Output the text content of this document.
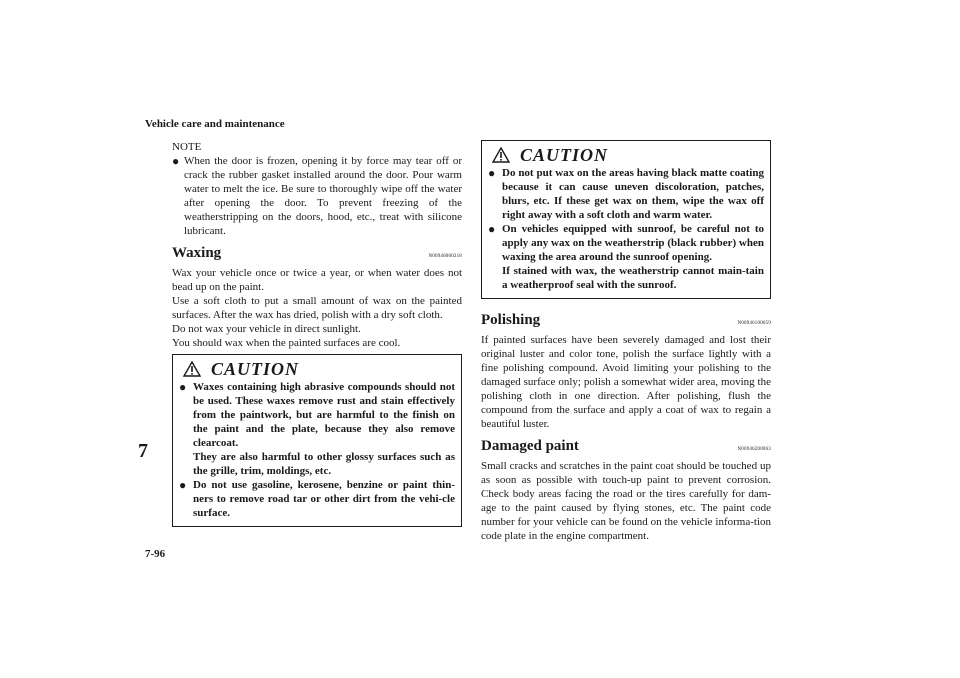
Vehicle care and maintenance
7
7-96

NOTE

● When the door is frozen, opening it by force may tear off or crack the rubber gasket installed around the door. Pour warm water to melt the ice. Be sure to thoroughly wipe off the water after opening the door. To prevent freezing of the weatherstripping on the doors, hood, etc., treat with silicone lubricant.
Waxing	N00946000218

Wax your vehicle once or twice a year, or when water does not bead up on the paint.

Use a soft cloth to put a small amount of wax on the painted surfaces. After the wax has dried, polish with a dry soft cloth.

Do not wax your vehicle in direct sunlight.

You should wax when the painted surfaces are cool.

CAUTION
● Waxes containing high abrasive compounds should not be used. These waxes remove rust and stain effectively from the paintwork, but are harmful to the finish on the paint and the plate, because they also remove clearcoat.
They are also harmful to other glossy surfaces such as the grille, trim, moldings, etc.
● Do not use gasoline, kerosene, benzine or paint thin-ners to remove road tar or other dirt from the vehi-cle surface.
CAUTION
● Do not put wax on the areas having black matte coating because it can cause uneven discoloration, patches, blurs, etc. If these get wax on them, wipe the wax off right away with a soft cloth and warm water.
● On vehicles equipped with sunroof, be careful not to apply any wax on the weatherstrip (black rubber) when waxing the area around the sunroof opening.
If stained with wax, the weatherstrip cannot main-tain a weatherproof seal with the sunroof.
Polishing	N00946100059

If painted surfaces have been severely damaged and lost their original luster and color tone, polish the surface lightly with a fine polishing compound. Avoid limiting your polishing to the damaged surface only; polish a somewhat wider area, moving the polishing cloth in one direction. After polishing, flush the compound from the surface and apply a coat of wax to regain a beautiful luster.

Damaged paint	N00946200063

Small cracks and scratches in the paint coat should be touched up as soon as possible with touch-up paint to prevent corrosion. Check body areas facing the road or the tires carefully for dam-age to the paint caused by flying stones, etc. The paint code number for your vehicle can be found on the vehicle informa-tion code plate in the engine compartment.
